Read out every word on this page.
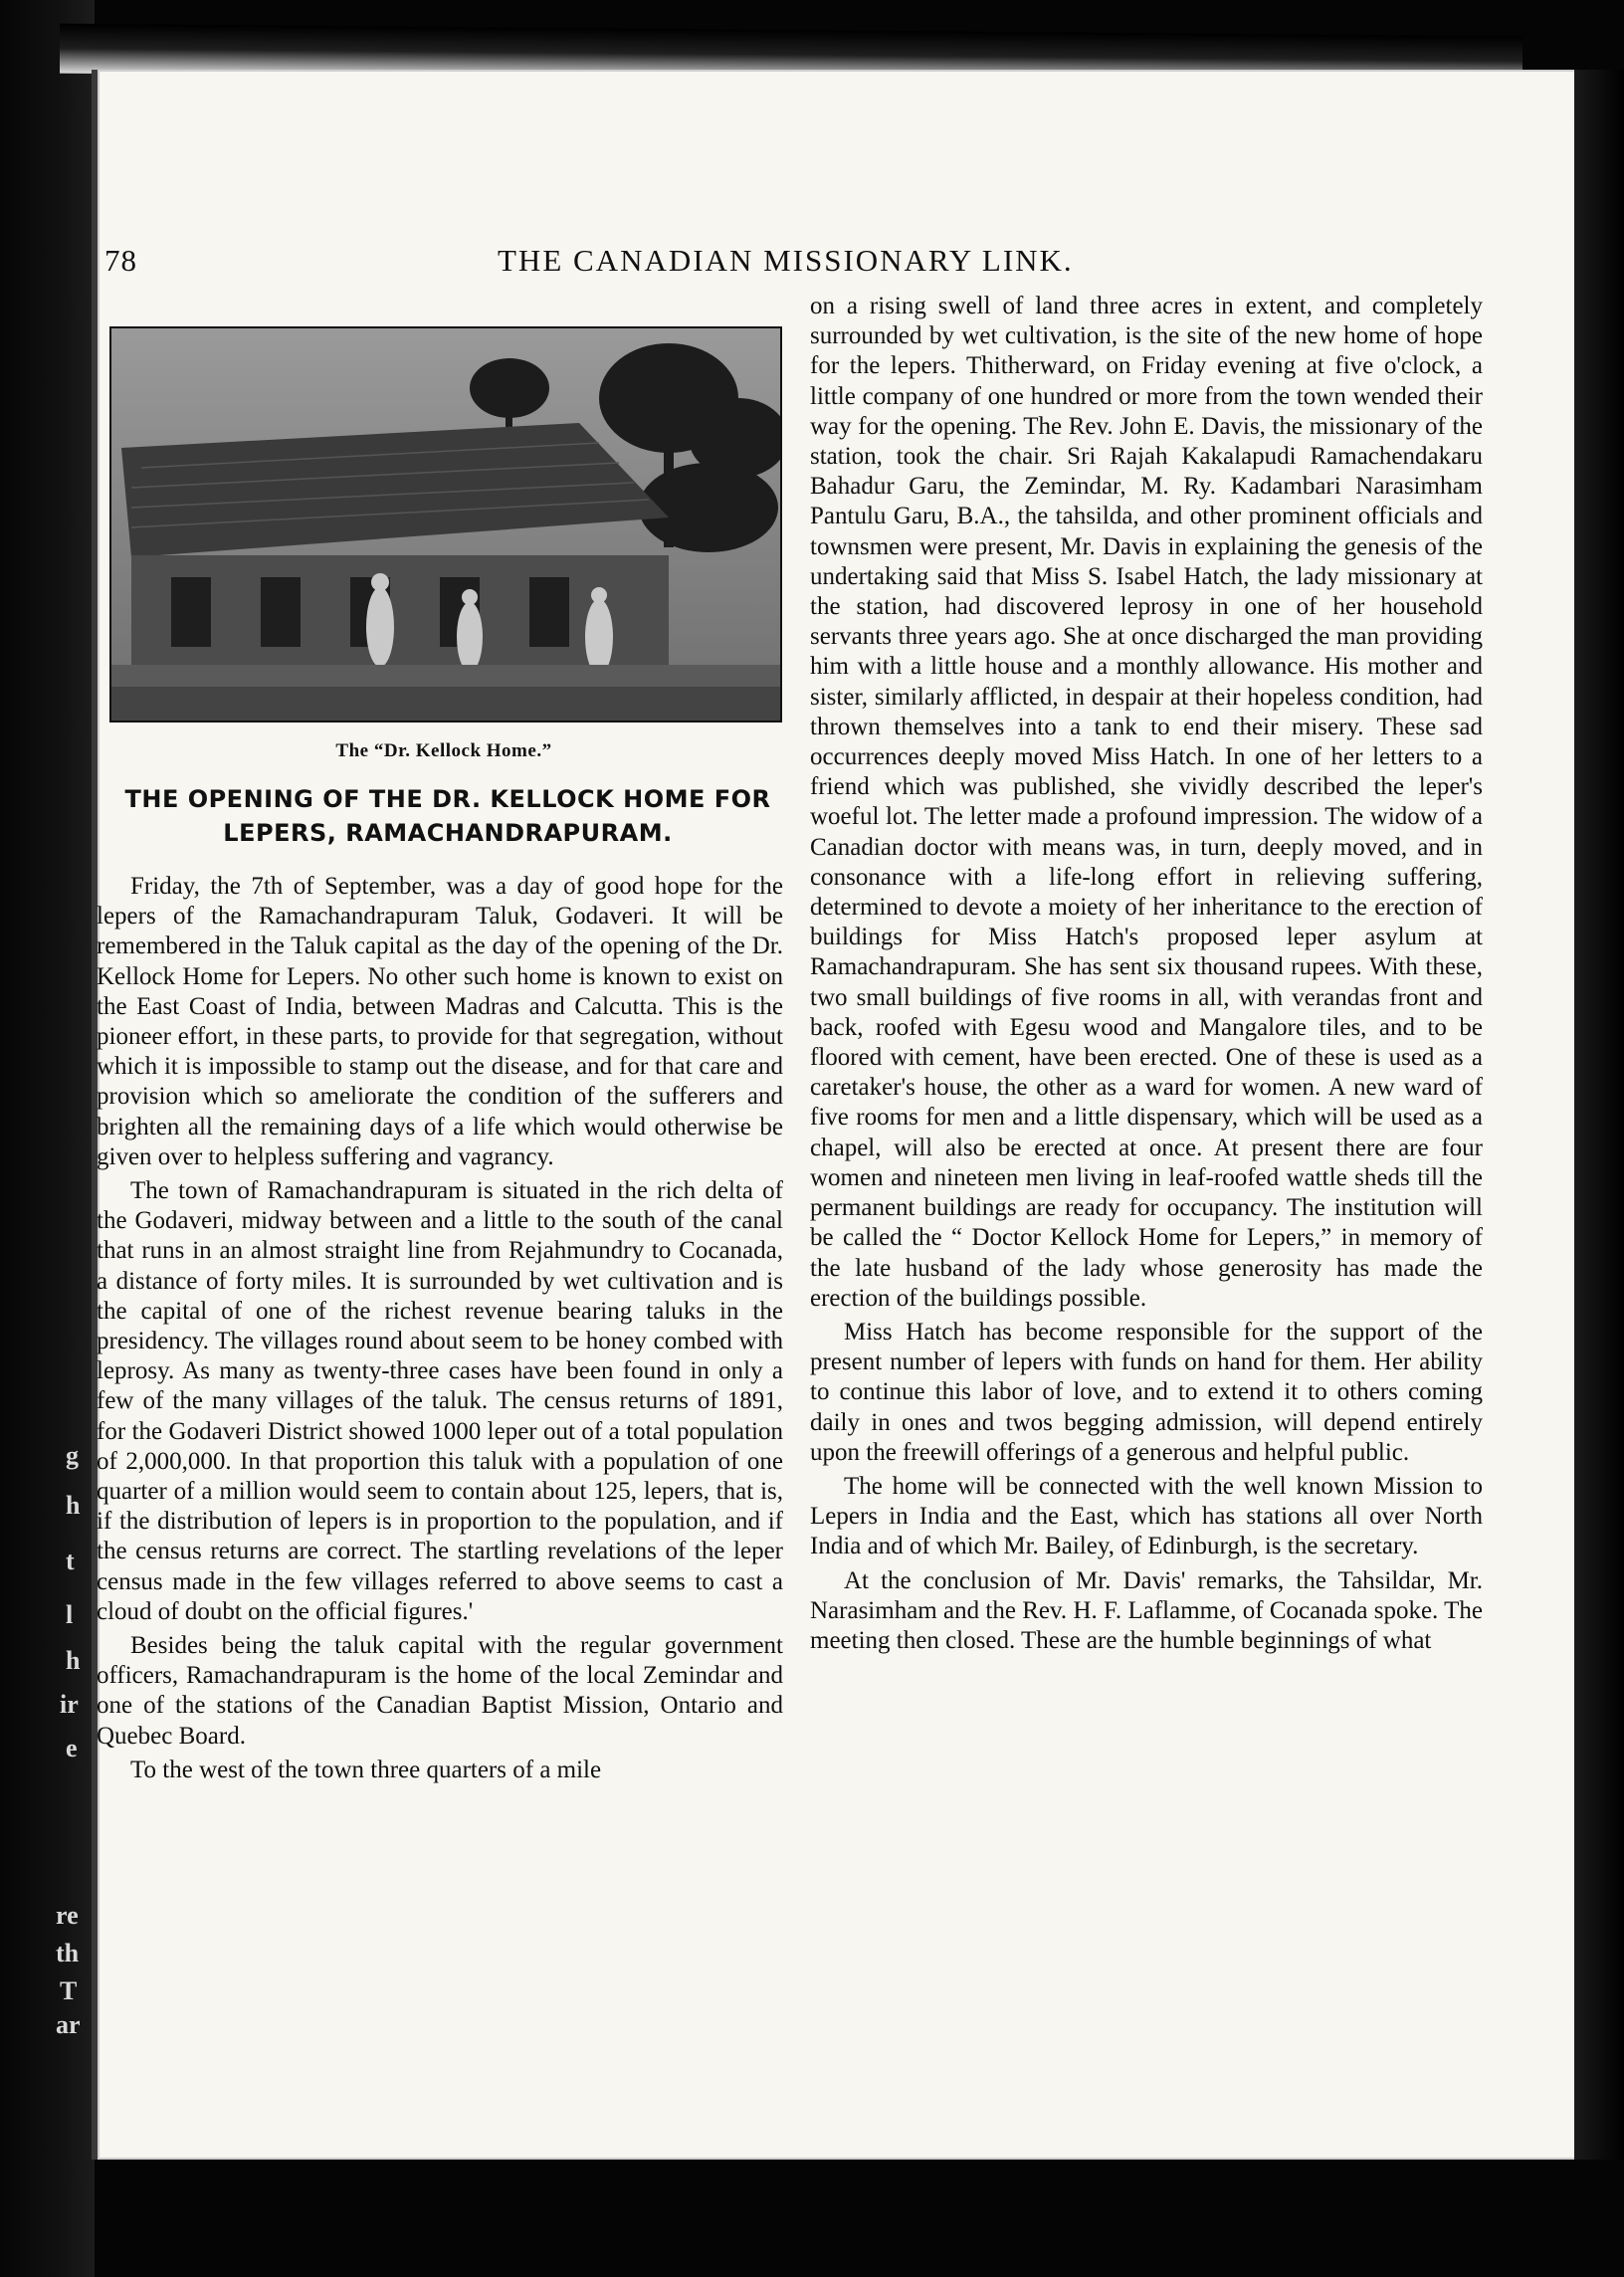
g
h
t
l
h
ir
e
re
th
T
ar
78	THE CANADIAN MISSIONARY LINK.
The “Dr. Kellock Home.”
THE OPENING OF THE DR. KELLOCK HOME FOR LEPERS, RAMACHANDRAPURAM.

Friday, the 7th of September, was a day of good hope for the lepers of the Ramachandrapuram Taluk, Godaveri. It will be remembered in the Taluk capital as the day of the opening of the Dr. Kellock Home for Lepers. No other such home is known to exist on the East Coast of India, between Madras and Calcutta. This is the pioneer effort, in these parts, to provide for that segregation, without which it is impossible to stamp out the disease, and for that care and provision which so ameliorate the condition of the sufferers and brighten all the remaining days of a life which would otherwise be given over to helpless suffering and vagrancy.

The town of Ramachandrapuram is situated in the rich delta of the Godaveri, midway between and a little to the south of the canal that runs in an almost straight line from Rejahmundry to Cocanada, a distance of forty miles. It is surrounded by wet cultivation and is the capital of one of the richest revenue bearing taluks in the presidency. The villages round about seem to be honey combed with leprosy. As many as twenty-three cases have been found in only a few of the many villages of the taluk. The census returns of 1891, for the Godaveri District showed 1000 leper out of a total population of 2,000,000. In that proportion this taluk with a population of one quarter of a million would seem to contain about 125, lepers, that is, if the distribution of lepers is in proportion to the population, and if the census returns are correct. The startling revelations of the leper census made in the few villages referred to above seems to cast a cloud of doubt on the official figures.'

Besides being the taluk capital with the regular government officers, Ramachandrapuram is the home of the local Zemindar and one of the stations of the Canadian Baptist Mission, Ontario and Quebec Board.

To the west of the town three quarters of a mile

on a rising swell of land three acres in extent, and completely surrounded by wet cultivation, is the site of the new home of hope for the lepers. Thitherward, on Friday evening at five o'clock, a little company of one hundred or more from the town wended their way for the opening. The Rev. John E. Davis, the missionary of the station, took the chair. Sri Rajah Kakalapudi Ramachendakaru Bahadur Garu, the Zemindar, M. Ry. Kadambari Narasimham Pantulu Garu, B.A., the tahsilda, and other prominent officials and townsmen were present, Mr. Davis in explaining the genesis of the undertaking said that Miss S. Isabel Hatch, the lady missionary at the station, had discovered leprosy in one of her household servants three years ago. She at once discharged the man providing him with a little house and a monthly allowance. His mother and sister, similarly afflicted, in despair at their hopeless condition, had thrown themselves into a tank to end their misery. These sad occurrences deeply moved Miss Hatch. In one of her letters to a friend which was published, she vividly described the leper's woeful lot. The letter made a profound impression. The widow of a Canadian doctor with means was, in turn, deeply moved, and in consonance with a life-long effort in relieving suffering, determined to devote a moiety of her inheritance to the erection of buildings for Miss Hatch's proposed leper asylum at Ramachandrapuram. She has sent six thousand rupees. With these, two small buildings of five rooms in all, with verandas front and back, roofed with Egesu wood and Mangalore tiles, and to be floored with cement, have been erected. One of these is used as a caretaker's house, the other as a ward for women. A new ward of five rooms for men and a little dispensary, which will be used as a chapel, will also be erected at once. At present there are four women and nineteen men living in leaf-roofed wattle sheds till the permanent buildings are ready for occupancy. The institution will be called the “ Doctor Kellock Home for Lepers,” in memory of the late husband of the lady whose generosity has made the erection of the buildings possible.

Miss Hatch has become responsible for the support of the present number of lepers with funds on hand for them. Her ability to continue this labor of love, and to extend it to others coming daily in ones and twos begging admission, will depend entirely upon the freewill offerings of a generous and helpful public.

The home will be connected with the well known Mission to Lepers in India and the East, which has stations all over North India and of which Mr. Bailey, of Edinburgh, is the secretary.

At the conclusion of Mr. Davis' remarks, the Tahsildar, Mr. Narasimham and the Rev. H. F. Laflamme, of Cocanada spoke. The meeting then closed. These are the humble beginnings of what
